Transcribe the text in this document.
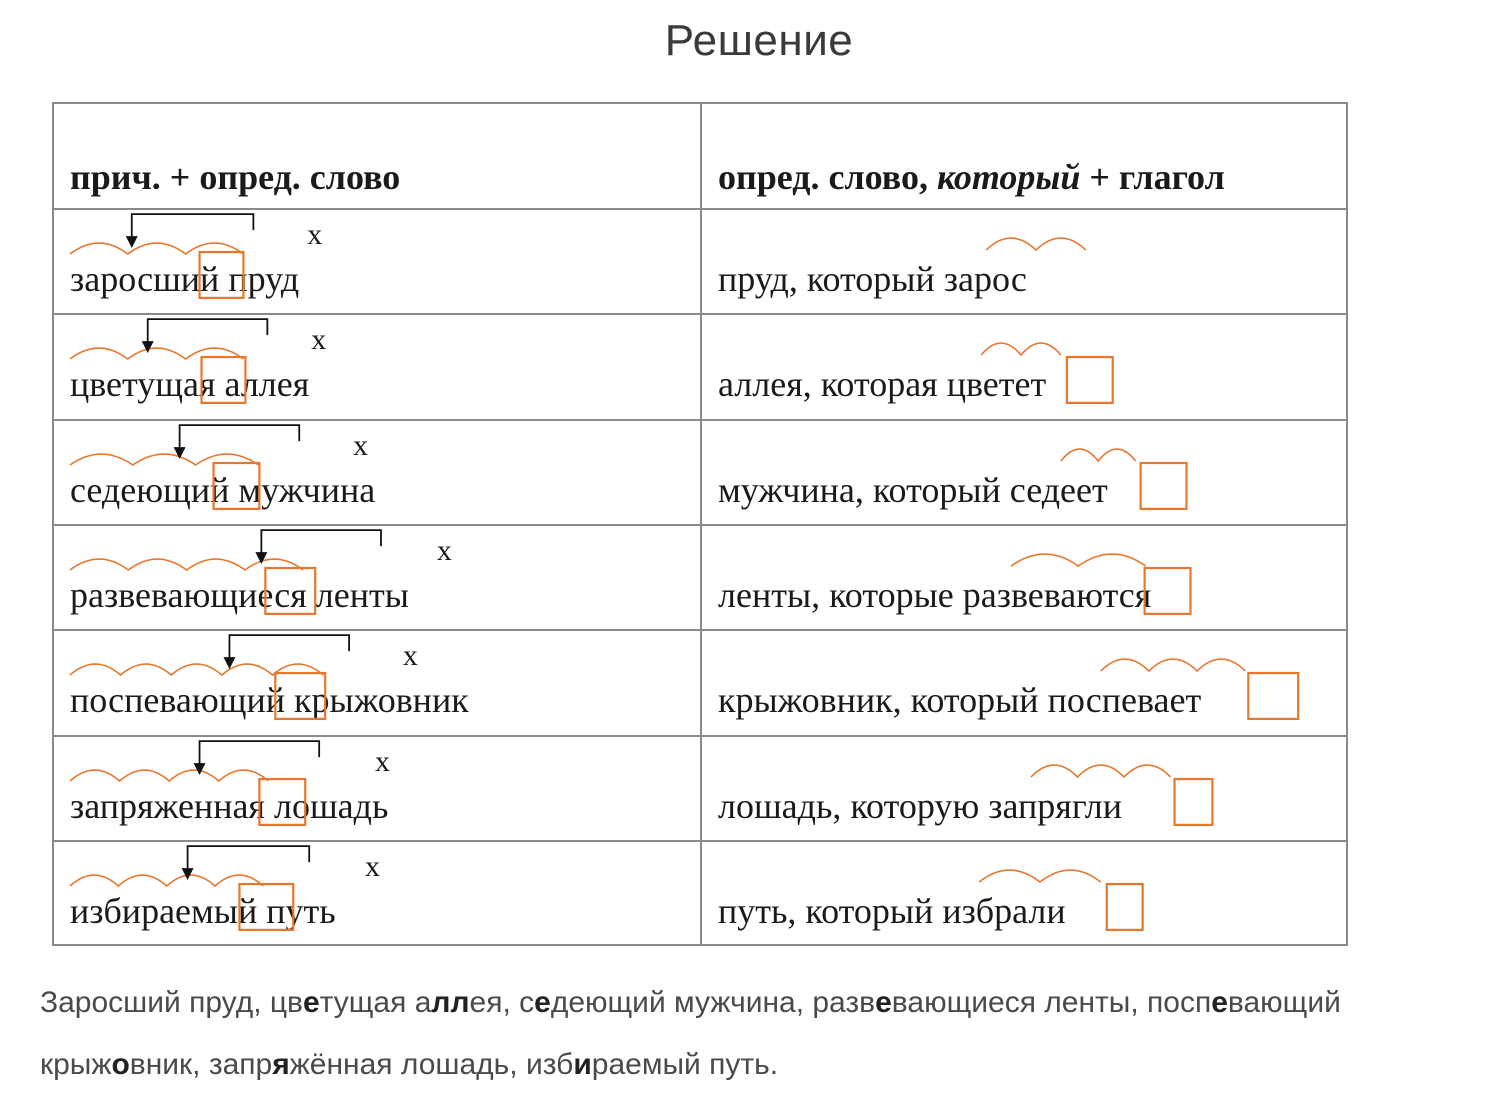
Решение
прич. + опред. слово	опред. слово, который + глагол
заросший пруд	пруд, который зарос
х
цветущая аллея	аллея, которая цветет
х
седеющий мужчина	мужчина, который седеет
х
развевающиеся ленты	ленты, которые развеваются
х
поспевающий крыжовник	крыжовник, который поспевает
х
запряженная лошадь	лошадь, которую запрягли
х
избираемый путь	путь, который избрали
х
Заросший пруд, цветущая аллея, седеющий мужчина, развевающиеся ленты, поспевающий
крыжовник, запряжённая лошадь, избираемый путь.
